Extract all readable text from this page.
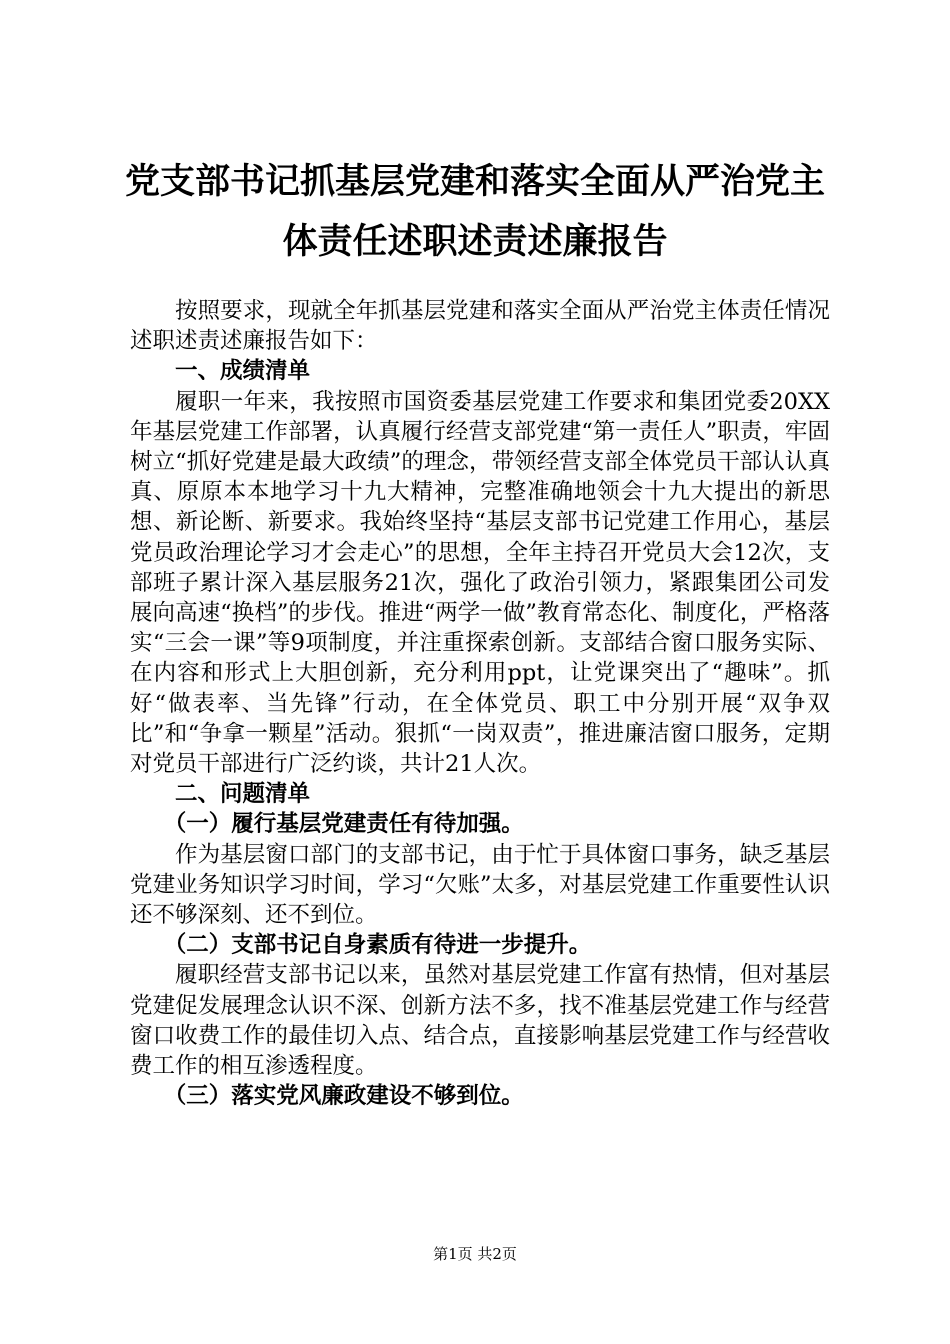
党支部书记抓基层党建和落实全面从严治党主
体责任述职述责述廉报告

按照要求，现就全年抓基层党建和落实全面从严治党主体责任情况述职述责述廉报告如下：

一、成绩清单

履职一年来，我按照市国资委基层党建工作要求和集团党委20XX年基层党建工作部署，认真履行经营支部党建“第一责任人”职责，牢固树立“抓好党建是最大政绩”的理念，带领经营支部全体党员干部认认真真、原原本本地学习十九大精神，完整准确地领会十九大提出的新思想、新论断、新要求。我始终坚持“基层支部书记党建工作用心，基层党员政治理论学习才会走心”的思想，全年主持召开党员大会12次，支部班子累计深入基层服务21次，强化了政治引领力，紧跟集团公司发展向高速“换档”的步伐。推进“两学一做”教育常态化、制度化，严格落实“三会一课”等9项制度，并注重探索创新。支部结合窗口服务实际、在内容和形式上大胆创新，充分利用ppt，让党课突出了“趣味”。抓好“做表率、当先锋”行动，在全体党员、职工中分别开展“双争双比”和“争拿一颗星”活动。狠抓“一岗双责”，推进廉洁窗口服务，定期对党员干部进行广泛约谈，共计21人次。

二、问题清单
（一）履行基层党建责任有待加强。

作为基层窗口部门的支部书记，由于忙于具体窗口事务，缺乏基层党建业务知识学习时间，学习“欠账”太多，对基层党建工作重要性认识还不够深刻、还不到位。

（二）支部书记自身素质有待进一步提升。

履职经营支部书记以来，虽然对基层党建工作富有热情，但对基层党建促发展理念认识不深、创新方法不多，找不准基层党建工作与经营窗口收费工作的最佳切入点、结合点，直接影响基层党建工作与经营收费工作的相互渗透程度。

（三）落实党风廉政建设不够到位。
第1页 共2页
